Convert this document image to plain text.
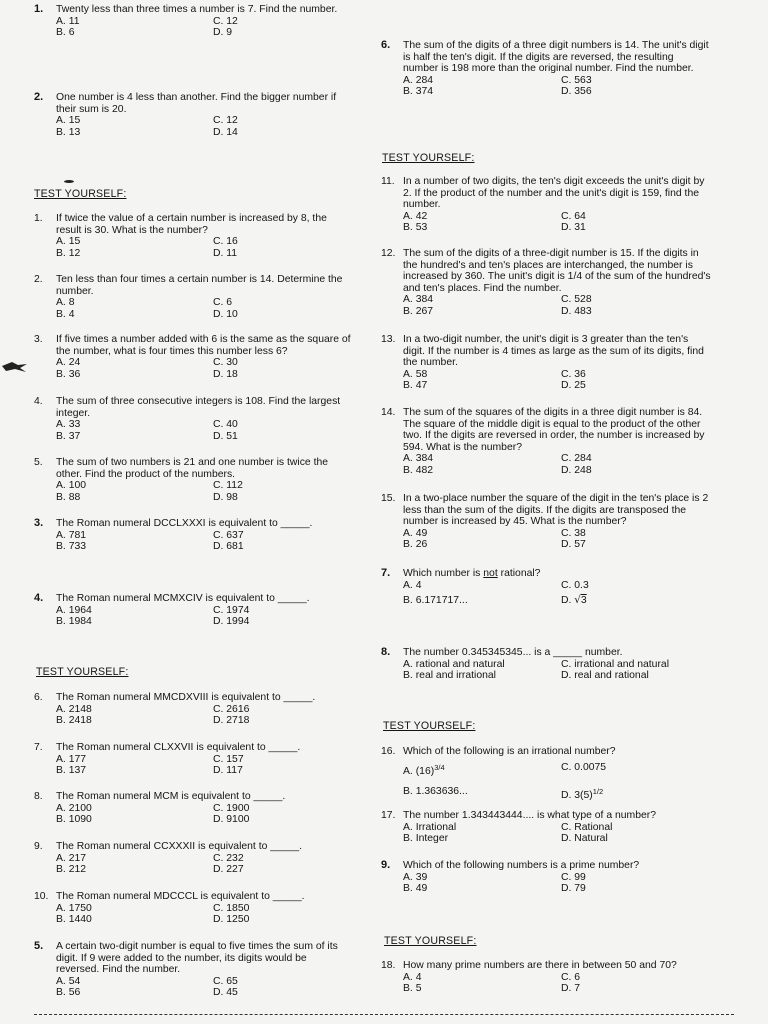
TEST YOURSELF:
TEST YOURSELF:
TEST YOURSELF:
TEST YOURSELF:
TEST YOURSELF:
1.	Twenty less than three times a number is 7. Find the number.
A. 11	C. 12
B. 6	D. 9
2.	One number is 4 less than another. Find the bigger number if their sum is 20.
A. 15	C. 12
B. 13	D. 14
1.	If twice the value of a certain number is increased by 8, the result is 30. What is the number?
A. 15	C. 16
B. 12	D. 11
2.	Ten less than four times a certain number is 14. Determine the number.
A. 8	C. 6
B. 4	D. 10
3.	If five times a number added with 6 is the same as the square of the number, what is four times this number less 6?
A. 24	C. 30
B. 36	D. 18
4.	The sum of three consecutive integers is 108. Find the largest integer.
A. 33	C. 40
B. 37	D. 51
5.	The sum of two numbers is 21 and one number is twice the other. Find the product of the numbers.
A. 100	C. 112
B. 88	D. 98
3.	The Roman numeral DCCLXXXI is equivalent to _____.
A. 781	C. 637
B. 733	D. 681
4.	The Roman numeral MCMXCIV is equivalent to _____.
A. 1964	C. 1974
B. 1984	D. 1994
6.	The Roman numeral MMCDXVIII is equivalent to _____.
A. 2148	C. 2616
B. 2418	D. 2718
7.	The Roman numeral CLXXVII is equivalent to _____.
A. 177	C. 157
B. 137	D. 117
8.	The Roman numeral MCM is equivalent to _____.
A. 2100	C. 1900
B. 1090	D. 9100
9.	The Roman numeral CCXXXII is equivalent to _____.
A. 217	C. 232
B. 212	D. 227
10. The Roman numeral MDCCCL is equivalent to _____.
A. 1750	C. 1850
B. 1440	D. 1250
5.	A certain two-digit number is equal to five times the sum of its digit. If 9 were added to the number, its digits would be reversed. Find the number.
A. 54	C. 65
B. 56	D. 45
6.	The sum of the digits of a three digit numbers is 14. The unit's digit is half the ten's digit. If the digits are reversed, the resulting number is 198 more than the original number. Find the number.
A. 284	C. 563
B. 374	D. 356
11. In a number of two digits, the ten's digit exceeds the unit's digit by 2. If the product of the number and the unit's digit is 159, find the number.
A. 42	C. 64
B. 53	D. 31
12. The sum of the digits of a three-digit number is 15. If the digits in the hundred's and ten's places are interchanged, the number is increased by 360. The unit's digit is 1/4 of the sum of the hundred's and ten's places. Find the number.
A. 384	C. 528
B. 267	D. 483
13. In a two-digit number, the unit's digit is 3 greater than the ten's digit. If the number is 4 times as large as the sum of its digits, find the number.
A. 58	C. 36
B. 47	D. 25
14. The sum of the squares of the digits in a three digit number is 84. The square of the middle digit is equal to the product of the other two. If the digits are reversed in order, the number is increased by 594. What is the number?
A. 384	C. 284
B. 482	D. 248
15. In a two-place number the square of the digit in the ten's place is 2 less than the sum of the digits. If the digits are transposed the number is increased by 45. What is the number?
A. 49	C. 38
B. 26	D. 57
7.	Which number is not rational?
A. 4	C. 0.3
B. 6.171717...	D. √3
8.	The number 0.345345345... is a _____ number.
A. rational and natural	C. irrational and natural
B. real and irrational	D. real and rational
16. Which of the following is an irrational number?
A. $(16)^{3/4}$	C. 0.0075
B. 1.363636...	D. $3(5)^{1/2}$
17. The number 1.343443444.... is what type of a number?
A. Irrational	C. Rational
B. Integer	D. Natural
9.	Which of the following numbers is a prime number?
A. 39	C. 99
B. 49	D. 79
18. How many prime numbers are there in between 50 and 70?
A. 4	C. 6
B. 5	D. 7
